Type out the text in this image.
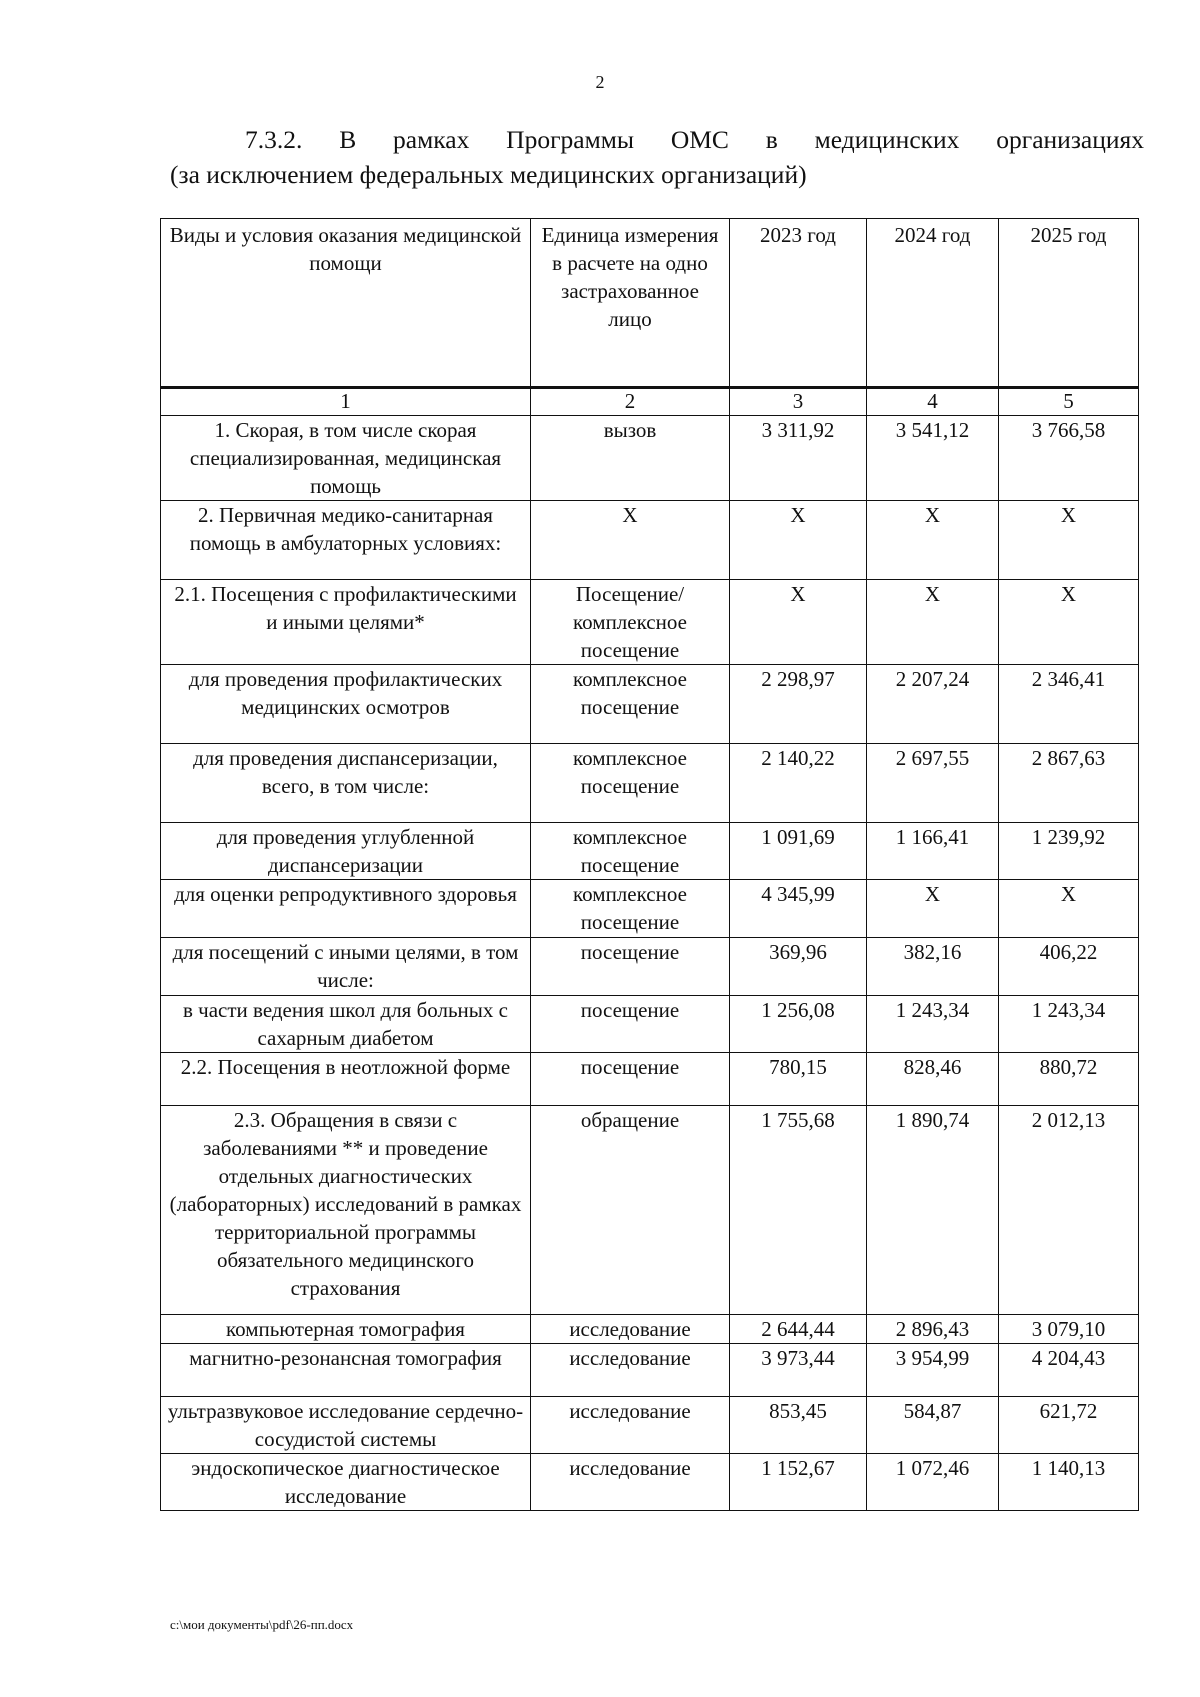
2
7.3.2. В рамках Программы ОМС в медицинских организациях
(за исключением федеральных медицинских организаций)
Виды и условия оказания медицинской помощи	Единица измерения в расчете на одно застрахованное лицо	2023 год	2024 год	2025 год
1	2	3	4	5
1. Скорая, в том числе скорая специализированная, медицинская помощь	вызов	3 311,92	3 541,12	3 766,58
2. Первичная медико-санитарная помощь в амбулаторных условиях:	Х	Х	Х	Х
2.1. Посещения с профилактическими и иными целями*	Посещение/ комплексное посещение	Х	Х	Х
для проведения профилактических медицинских осмотров	комплексное посещение	2 298,97	2 207,24	2 346,41
для проведения диспансеризации, всего, в том числе:	комплексное посещение	2 140,22	2 697,55	2 867,63
для проведения углубленной диспансеризации	комплексное посещение	1 091,69	1 166,41	1 239,92
для оценки репродуктивного здоровья	комплексное посещение	4 345,99	Х	Х
для посещений с иными целями, в том числе:	посещение	369,96	382,16	406,22
в части ведения школ для больных с сахарным диабетом	посещение	1 256,08	1 243,34	1 243,34
2.2. Посещения в неотложной форме	посещение	780,15	828,46	880,72
2.3. Обращения в связи с заболеваниями ** и проведение отдельных диагностических (лабораторных) исследований в рамках территориальной программы обязательного медицинского страхования	обращение	1 755,68	1 890,74	2 012,13
компьютерная томография	исследование	2 644,44	2 896,43	3 079,10
магнитно-резонансная томография	исследование	3 973,44	3 954,99	4 204,43
ультразвуковое исследование сердечно-сосудистой системы	исследование	853,45	584,87	621,72
эндоскопическое диагностическое исследование	исследование	1 152,67	1 072,46	1 140,13
c:\мои документы\pdf\26-пп.docx
